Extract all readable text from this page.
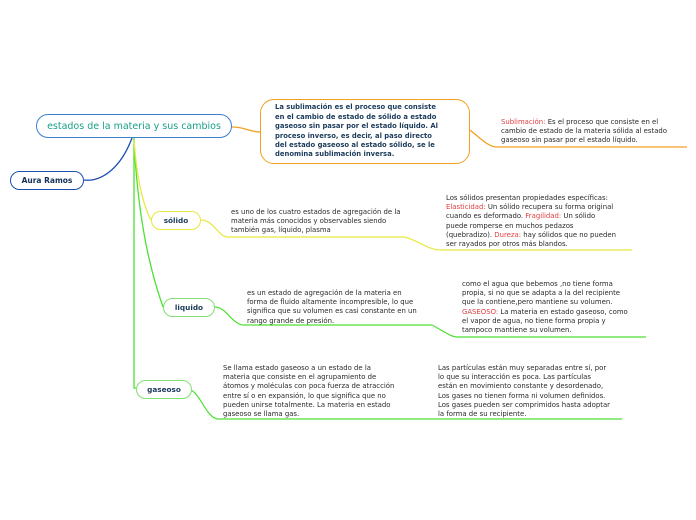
estados de la materia y sus cambios
Aura Ramos
La sublimación es el proceso que consiste
en el cambio de estado de sólido a estado
gaseoso sin pasar por el estado líquido. Al
proceso inverso, es decir, al paso directo
del estado gaseoso al estado sólido, se le
denomina sublimación inversa.
Sublimación: Es el proceso que consiste en el
cambio de estado de la materia sólida al estado
gaseoso sin pasar por el estado líquido.
sólido
es uno de los cuatro estados de agregación de la
materia más conocidos y observables siendo
también gas, líquido, plasma
Los sólidos presentan propiedades específicas:
Elasticidad: Un sólido recupera su forma original
cuando es deformado. Fragilidad: Un sólido
puede romperse en muchos pedazos
(quebradizo). Dureza: hay sólidos que no pueden
ser rayados por otros más blandos.
liquido
es un estado de agregación de la materia en
forma de fluido altamente incompresible, lo que
significa que su volumen es casi constante en un
rango grande de presión.
como el agua que bebemos ,no tiene forma
propia, si no que se adapta a la del recipiente
que la contiene,pero mantiene su volumen.
GASEOSO: La materia en estado gaseoso, como
el vapor de agua, no tiene forma propia y
tampoco mantiene su volumen.
gaseoso
Se llama estado gaseoso a un estado de la
materia que consiste en el agrupamiento de
átomos y moléculas con poca fuerza de atracción
entre sí o en expansión, lo que significa que no
pueden unirse totalmente. La materia en estado
gaseoso se llama gas.
Las partículas están muy separadas entre sí, por
lo que su interacción es poca. Las partículas
están en movimiento constante y desordenado,
Los gases no tienen forma ni volumen definidos.
Los gases pueden ser comprimidos hasta adoptar
la forma de su recipiente.
